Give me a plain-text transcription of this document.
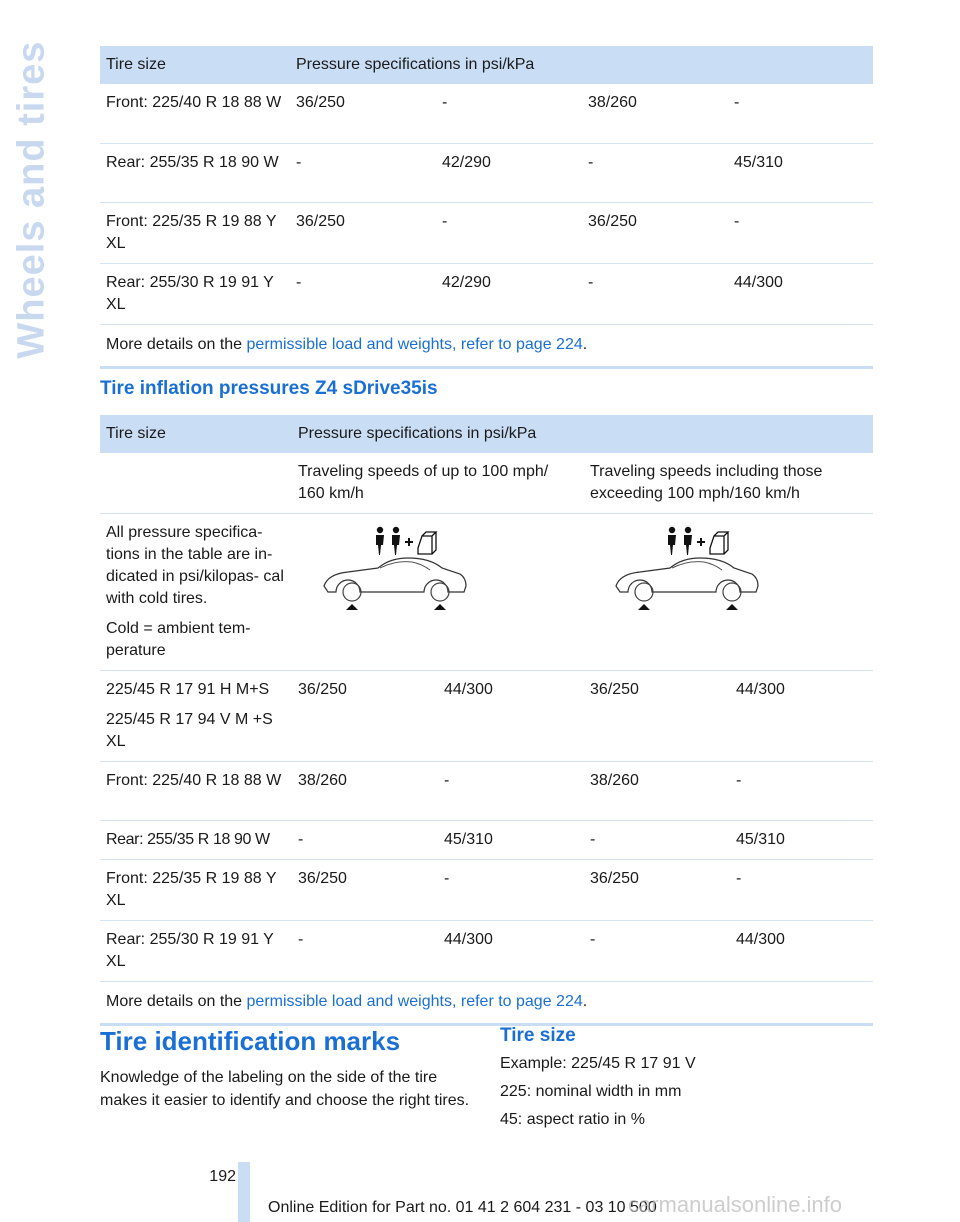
Wheels and tires	Tire size	Pressure specifications in psi/kPa			
Front: 225/40 R 18 88 W	36/250	-	38/260	-
Rear: 255/35 R 18 90 W	-	42/290	-	45/310
Front: 225/35 R 19 88 Y XL	36/250	-	36/250	-
Rear: 255/30 R 19 91 Y XL	-	42/290	-	44/300
More details on the permissible load and weights, refer to page 224.				
Tire inflation pressures Z4 sDrive35is
Tire size	Pressure specifications in psi/kPa			
	Traveling speeds of up to 100 mph/ 160 km/h		Traveling speeds including those exceeding 100 mph/160 km/h	

All pressure specifica- tions in the table are in- dicated in psi/kilopas- cal with cold tires.

Cold = ambient tem- perature

225/45 R 17 91 H M+S

225/45 R 17 94 V M +S XL	36/250	44/300	36/250	44/300
Front: 225/40 R 18 88 W	38/260	-	38/260	-
Rear: 255/35 R 18 90 W	-	45/310	-	45/310
Front: 225/35 R 19 88 Y XL	36/250	-	36/250	-
Rear: 255/30 R 19 91 Y XL	-	44/300	-	44/300
More details on the permissible load and weights, refer to page 224.				
Tire identification marks

Knowledge of the labeling on the side of the tire makes it easier to identify and choose the right tires.

Tire size
Example: 225/45 R 17 91 V
225: nominal width in mm
45: aspect ratio in %
192
Online Edition for Part no. 01 41 2 604 231 - 03 10 500
carmanualsonline.info
